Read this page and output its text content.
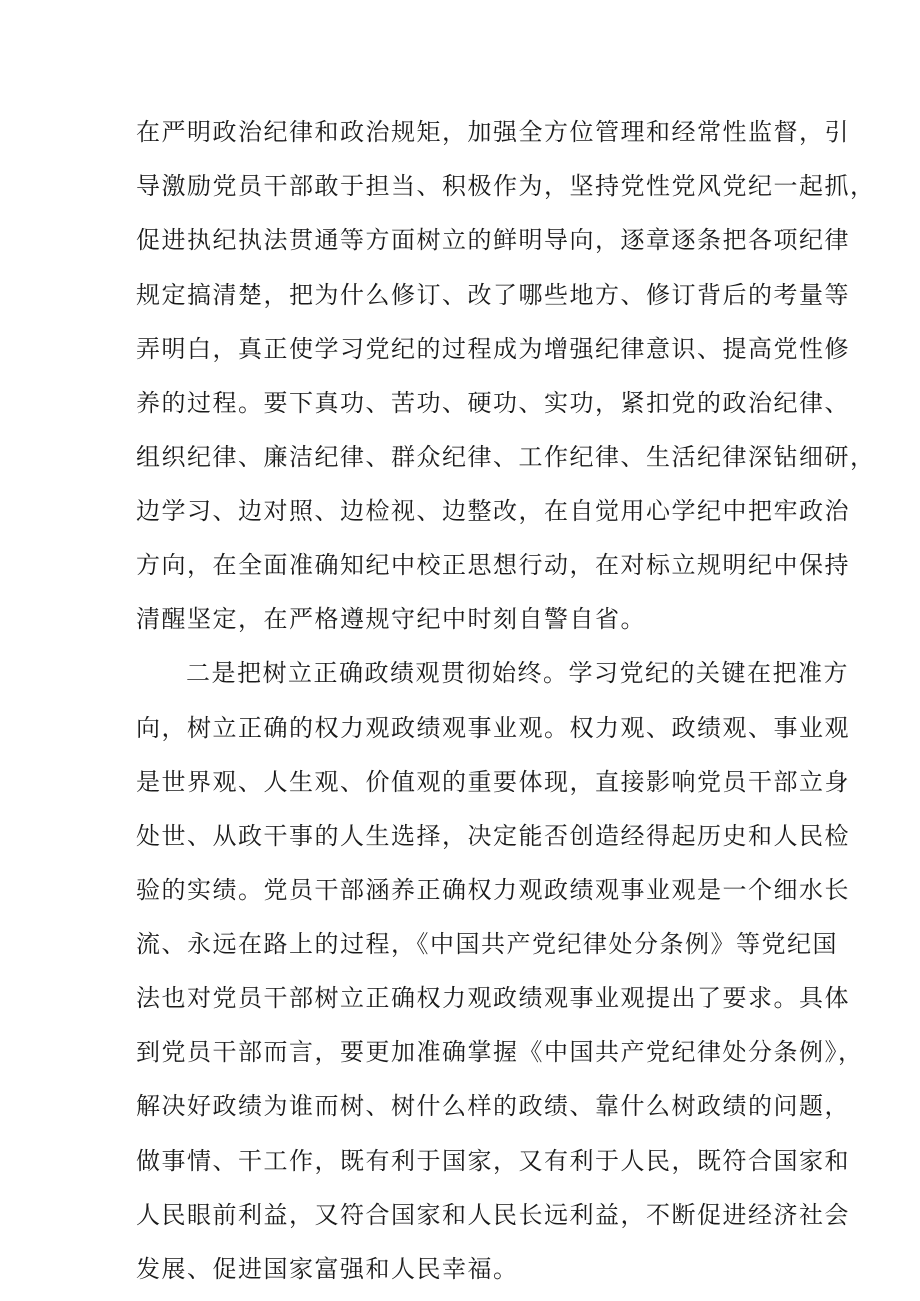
在严明政治纪律和政治规矩，加强全方位管理和经常性监督，引
导激励党员干部敢于担当、积极作为，坚持党性党风党纪一起抓，
促进执纪执法贯通等方面树立的鲜明导向，逐章逐条把各项纪律
规定搞清楚，把为什么修订、改了哪些地方、修订背后的考量等
弄明白，真正使学习党纪的过程成为增强纪律意识、提高党性修
养的过程。要下真功、苦功、硬功、实功，紧扣党的政治纪律、
组织纪律、廉洁纪律、群众纪律、工作纪律、生活纪律深钻细研，
边学习、边对照、边检视、边整改，在自觉用心学纪中把牢政治
方向，在全面准确知纪中校正思想行动，在对标立规明纪中保持
清醒坚定，在严格遵规守纪中时刻自警自省。
二是把树立正确政绩观贯彻始终。学习党纪的关键在把准方
向，树立正确的权力观政绩观事业观。权力观、政绩观、事业观
是世界观、人生观、价值观的重要体现，直接影响党员干部立身
处世、从政干事的人生选择，决定能否创造经得起历史和人民检
验的实绩。党员干部涵养正确权力观政绩观事业观是一个细水长
流、永远在路上的过程，《中国共产党纪律处分条例》等党纪国
法也对党员干部树立正确权力观政绩观事业观提出了要求。具体
到党员干部而言，要更加准确掌握《中国共产党纪律处分条例》，
解决好政绩为谁而树、树什么样的政绩、靠什么树政绩的问题，
做事情、干工作，既有利于国家，又有利于人民，既符合国家和
人民眼前利益，又符合国家和人民长远利益，不断促进经济社会
发展、促进国家富强和人民幸福。
